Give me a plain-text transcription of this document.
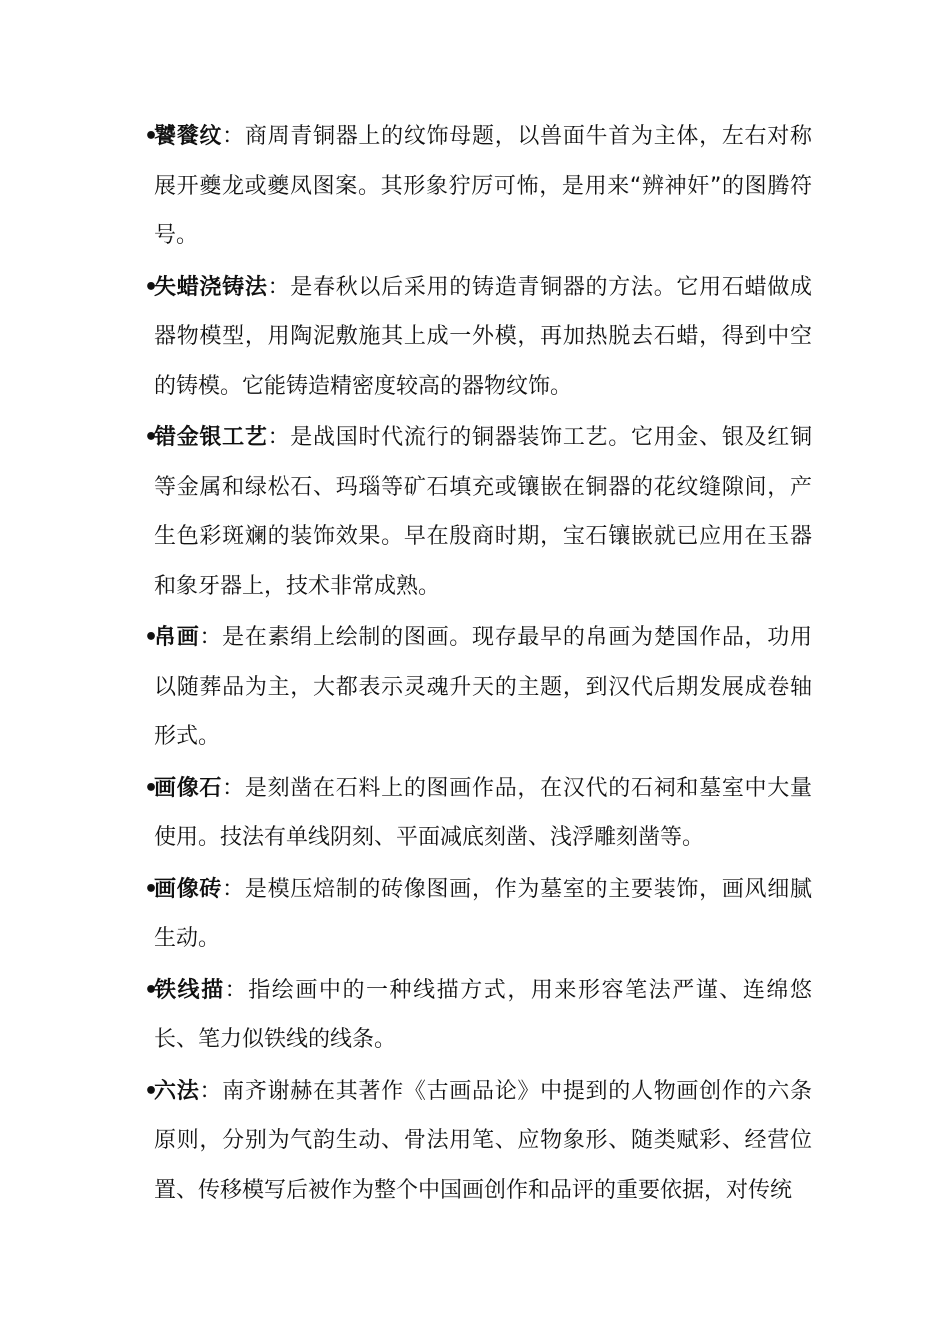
•
饕餮纹：商周青铜器上的纹饰母题，以兽面牛首为主体，左右对称展开夔龙或夔凤图案。其形象狞厉可怖，是用来“辨神奸”的图腾符号。
•
失蜡浇铸法：是春秋以后采用的铸造青铜器的方法。它用石蜡做成器物模型，用陶泥敷施其上成一外模，再加热脱去石蜡，得到中空的铸模。它能铸造精密度较高的器物纹饰。
•
错金银工艺：是战国时代流行的铜器装饰工艺。它用金、银及红铜等金属和绿松石、玛瑙等矿石填充或镶嵌在铜器的花纹缝隙间，产生色彩斑斓的装饰效果。早在殷商时期，宝石镶嵌就已应用在玉器和象牙器上，技术非常成熟。
•
帛画：是在素绢上绘制的图画。现存最早的帛画为楚国作品，功用以随葬品为主，大都表示灵魂升天的主题，到汉代后期发展成卷轴形式。
•
画像石：是刻凿在石料上的图画作品，在汉代的石祠和墓室中大量使用。技法有单线阴刻、平面减底刻凿、浅浮雕刻凿等。
•
画像砖：是模压焙制的砖像图画，作为墓室的主要装饰，画风细腻生动。
•
铁线描：指绘画中的一种线描方式，用来形容笔法严谨、连绵悠长、笔力似铁线的线条。
•
六法：南齐谢赫在其著作《古画品论》中提到的人物画创作的六条原则，分别为气韵生动、骨法用笔、应物象形、随类赋彩、经营位置、传移模写后被作为整个中国画创作和品评的重要依据，对传统
